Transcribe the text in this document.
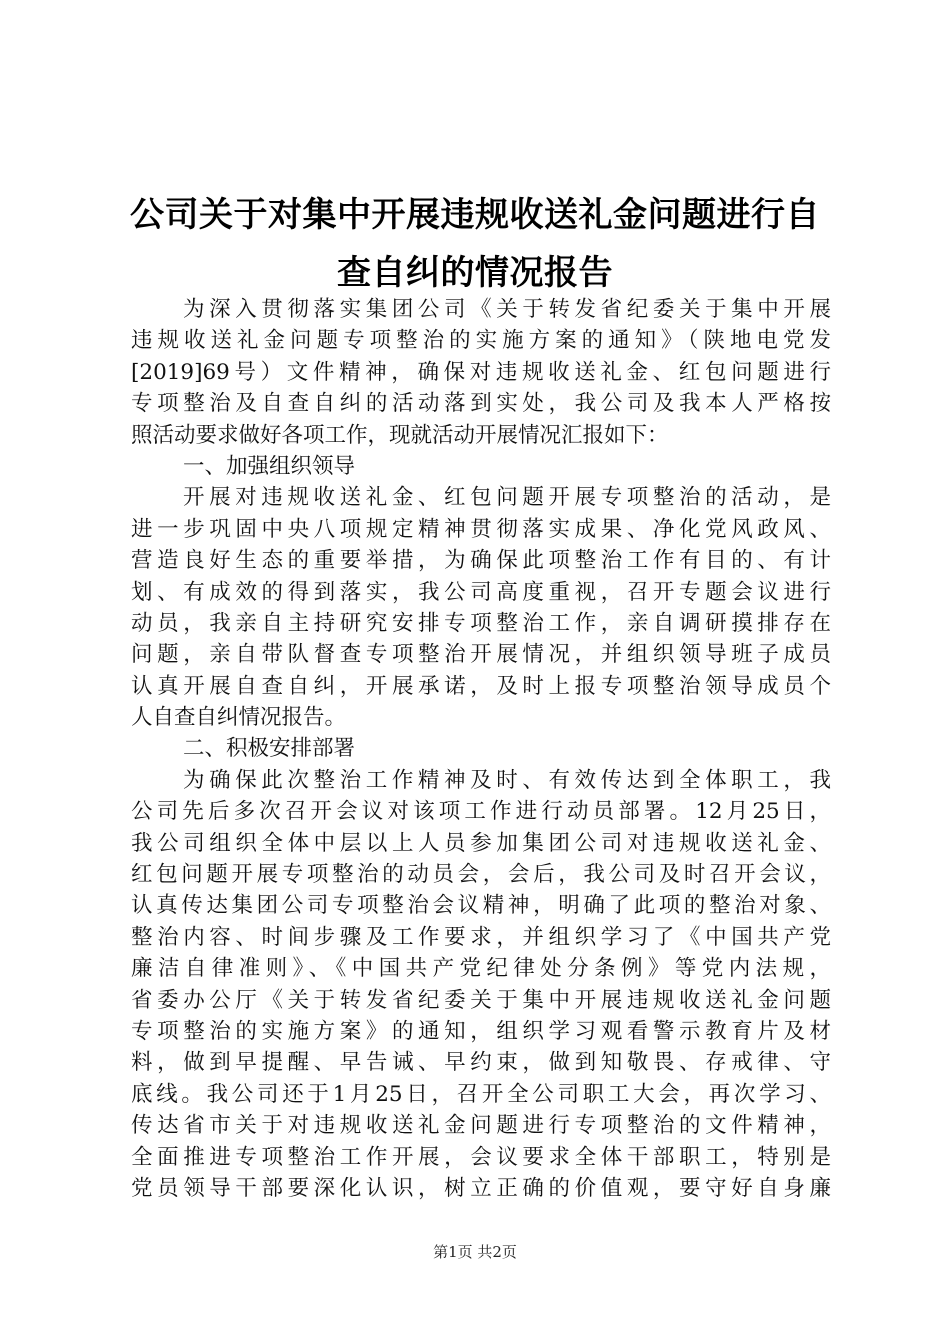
公司关于对集中开展违规收送礼金问题进行自
查自纠的情况报告
为深入贯彻落实集团公司《关于转发省纪委关于集中开展
违规收送礼金问题专项整治的实施方案的通知》（陕地电党发
[2019]69号）文件精神，确保对违规收送礼金、红包问题进行
专项整治及自查自纠的活动落到实处，我公司及我本人严格按
照活动要求做好各项工作，现就活动开展情况汇报如下：
一、加强组织领导
开展对违规收送礼金、红包问题开展专项整治的活动，是
进一步巩固中央八项规定精神贯彻落实成果、净化党风政风、
营造良好生态的重要举措，为确保此项整治工作有目的、有计
划、有成效的得到落实，我公司高度重视，召开专题会议进行
动员，我亲自主持研究安排专项整治工作，亲自调研摸排存在
问题，亲自带队督查专项整治开展情况，并组织领导班子成员
认真开展自查自纠，开展承诺，及时上报专项整治领导成员个
人自查自纠情况报告。
二、积极安排部署
为确保此次整治工作精神及时、有效传达到全体职工，我
公司先后多次召开会议对该项工作进行动员部署。12月25日，
我公司组织全体中层以上人员参加集团公司对违规收送礼金、
红包问题开展专项整治的动员会，会后，我公司及时召开会议，
认真传达集团公司专项整治会议精神，明确了此项的整治对象、
整治内容、时间步骤及工作要求，并组织学习了《中国共产党
廉洁自律准则》、《中国共产党纪律处分条例》等党内法规，
省委办公厅《关于转发省纪委关于集中开展违规收送礼金问题
专项整治的实施方案》的通知，组织学习观看警示教育片及材
料，做到早提醒、早告诫、早约束，做到知敬畏、存戒律、守
底线。我公司还于1月25日，召开全公司职工大会，再次学习、
传达省市关于对违规收送礼金问题进行专项整治的文件精神，
全面推进专项整治工作开展，会议要求全体干部职工，特别是
党员领导干部要深化认识，树立正确的价值观，要守好自身廉
第1页 共2页
